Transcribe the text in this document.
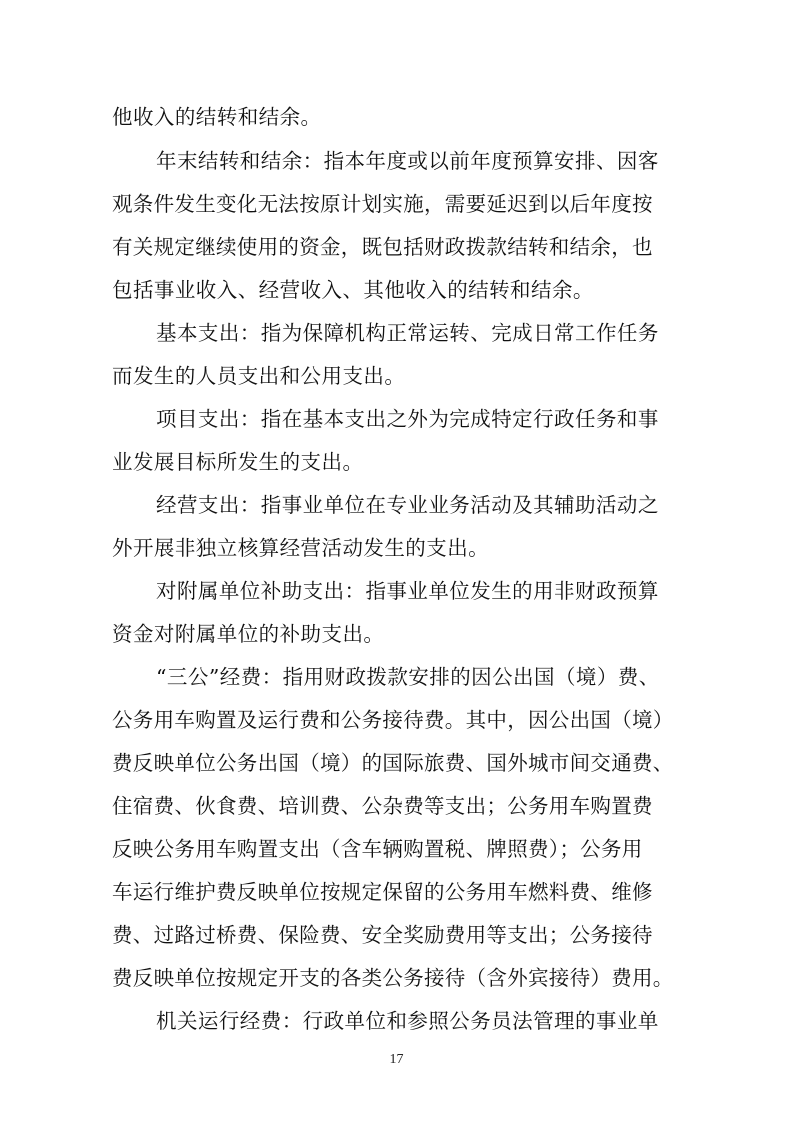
他收入的结转和结余。
年末结转和结余：指本年度或以前年度预算安排、因客
观条件发生变化无法按原计划实施，需要延迟到以后年度按
有关规定继续使用的资金，既包括财政拨款结转和结余，也
包括事业收入、经营收入、其他收入的结转和结余。
基本支出：指为保障机构正常运转、完成日常工作任务
而发生的人员支出和公用支出。
项目支出：指在基本支出之外为完成特定行政任务和事
业发展目标所发生的支出。
经营支出：指事业单位在专业业务活动及其辅助活动之
外开展非独立核算经营活动发生的支出。
对附属单位补助支出：指事业单位发生的用非财政预算
资金对附属单位的补助支出。
“三公”经费：指用财政拨款安排的因公出国（境）费、
公务用车购置及运行费和公务接待费。其中，因公出国（境）
费反映单位公务出国（境）的国际旅费、国外城市间交通费、
住宿费、伙食费、培训费、公杂费等支出；公务用车购置费
反映公务用车购置支出（含车辆购置税、牌照费）；公务用
车运行维护费反映单位按规定保留的公务用车燃料费、维修
费、过路过桥费、保险费、安全奖励费用等支出；公务接待
费反映单位按规定开支的各类公务接待（含外宾接待）费用。
机关运行经费：行政单位和参照公务员法管理的事业单
17
